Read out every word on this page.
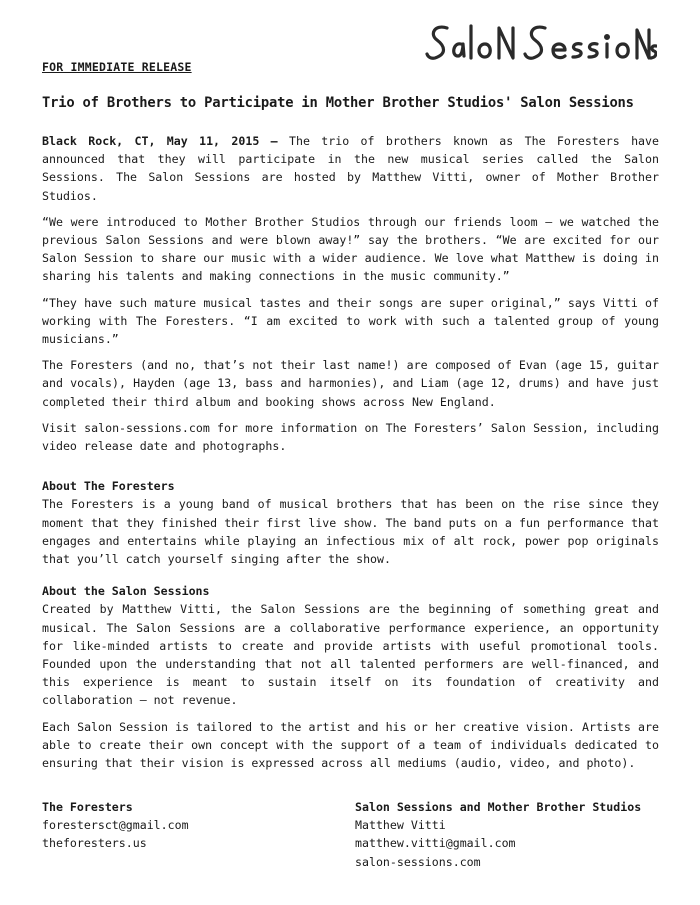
FOR IMMEDIATE RELEASE
Trio of Brothers to Participate in Mother Brother Studios' Salon Sessions

Black Rock, CT, May 11, 2015 – The trio of brothers known as The Foresters have announced that they will participate in the new musical series called the Salon Sessions. The Salon Sessions are hosted by Matthew Vitti, owner of Mother Brother Studios.

“We were introduced to Mother Brother Studios through our friends loom – we watched the previous Salon Sessions and were blown away!” say the brothers. “We are excited for our Salon Session to share our music with a wider audience. We love what Matthew is doing in sharing his talents and making connections in the music community.”

“They have such mature musical tastes and their songs are super original,” says Vitti of working with The Foresters. “I am excited to work with such a talented group of young musicians.”

The Foresters (and no, that’s not their last name!) are composed of Evan (age 15, guitar and vocals), Hayden (age 13, bass and harmonies), and Liam (age 12, drums) and have just completed their third album and booking shows across New England.

Visit salon-sessions.com for more information on The Foresters’ Salon Session, including video release date and photographs.

About The Foresters

The Foresters is a young band of musical brothers that has been on the rise since they moment that they finished their first live show. The band puts on a fun performance that engages and entertains while playing an infectious mix of alt rock, power pop originals that you’ll catch yourself singing after the show.

About the Salon Sessions

Created by Matthew Vitti, the Salon Sessions are the beginning of something great and musical. The Salon Sessions are a collaborative performance experience, an opportunity for like-minded artists to create and provide artists with useful promotional tools. Founded upon the understanding that not all talented performers are well-financed, and this experience is meant to sustain itself on its foundation of creativity and collaboration – not revenue.

Each Salon Session is tailored to the artist and his or her creative vision. Artists are able to create their own concept with the support of a team of individuals dedicated to ensuring that their vision is expressed across all mediums (audio, video, and photo).

The Foresters
forestersct@gmail.com
theforesters.us
Salon Sessions and Mother Brother Studios
Matthew Vitti
matthew.vitti@gmail.com
salon-sessions.com
